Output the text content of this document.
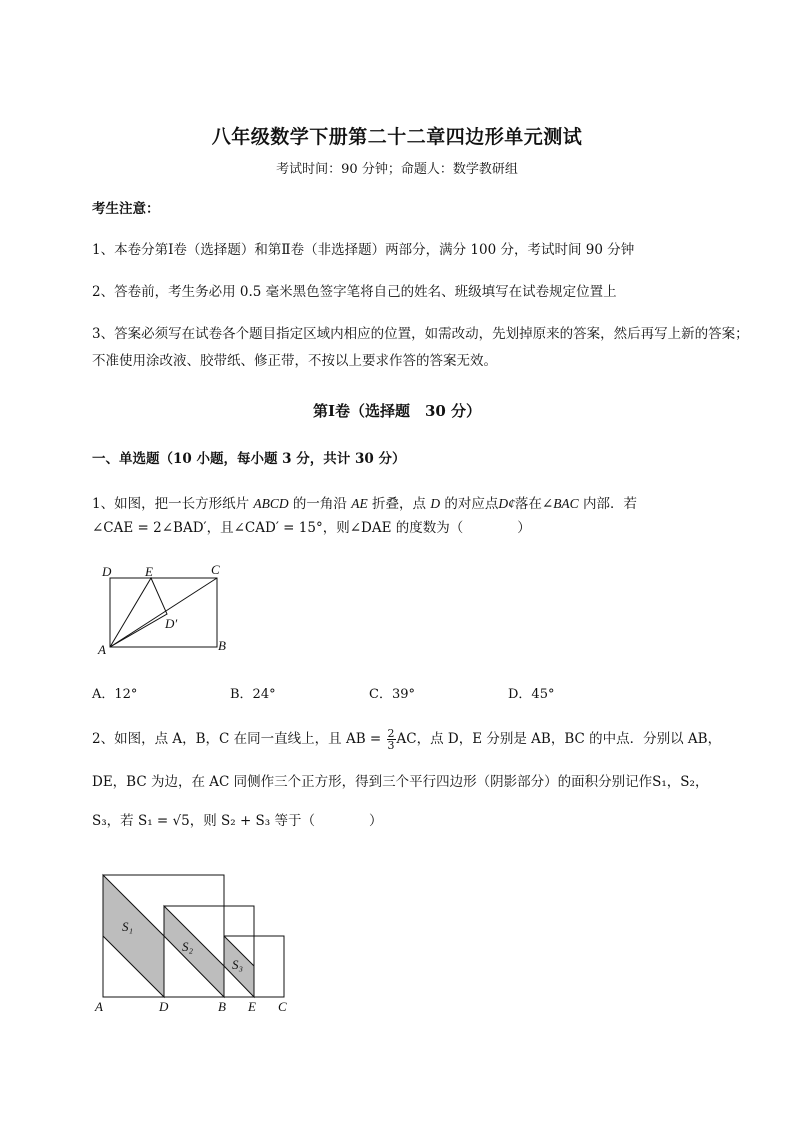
八年级数学下册第二十二章四边形单元测试
考试时间：90 分钟；命题人：数学教研组
考生注意：
1、本卷分第Ⅰ卷（选择题）和第Ⅱ卷（非选择题）两部分，满分 100 分，考试时间 90 分钟
2、答卷前，考生务必用 0.5 毫米黑色签字笔将自己的姓名、班级填写在试卷规定位置上
3、答案必须写在试卷各个题目指定区域内相应的位置，如需改动，先划掉原来的答案，然后再写上新的答案；不准使用涂改液、胶带纸、修正带，不按以上要求作答的答案无效。
第Ⅰ卷（选择题　30 分）
一、单选题（10 小题，每小题 3 分，共计 30 分）
1、如图，把一长方形纸片 ABCD 的一角沿 AE 折叠，点 D 的对应点D¢落在∠BAC 内部．若
∠CAE = 2∠BAD′，且∠CAD′ = 15°，则∠DAE 的度数为（　　　　）
D	E	C
D′
A	B
A．12°	B．24°	C．39°	D．45°
2、如图，点 A，B，C 在同一直线上，且 AB = $\frac{2}{3}$ AC，点 D，E 分别是 AB，BC 的中点．分别以 AB，
DE，BC 为边，在 AC 同侧作三个正方形，得到三个平行四边形（阴影部分）的面积分别记作S₁，S₂，
S₃，若 S₁ = √5，则 S₂ + S₃ 等于（　　　　）
S₁
S₂
S₃
A	D	B E C
